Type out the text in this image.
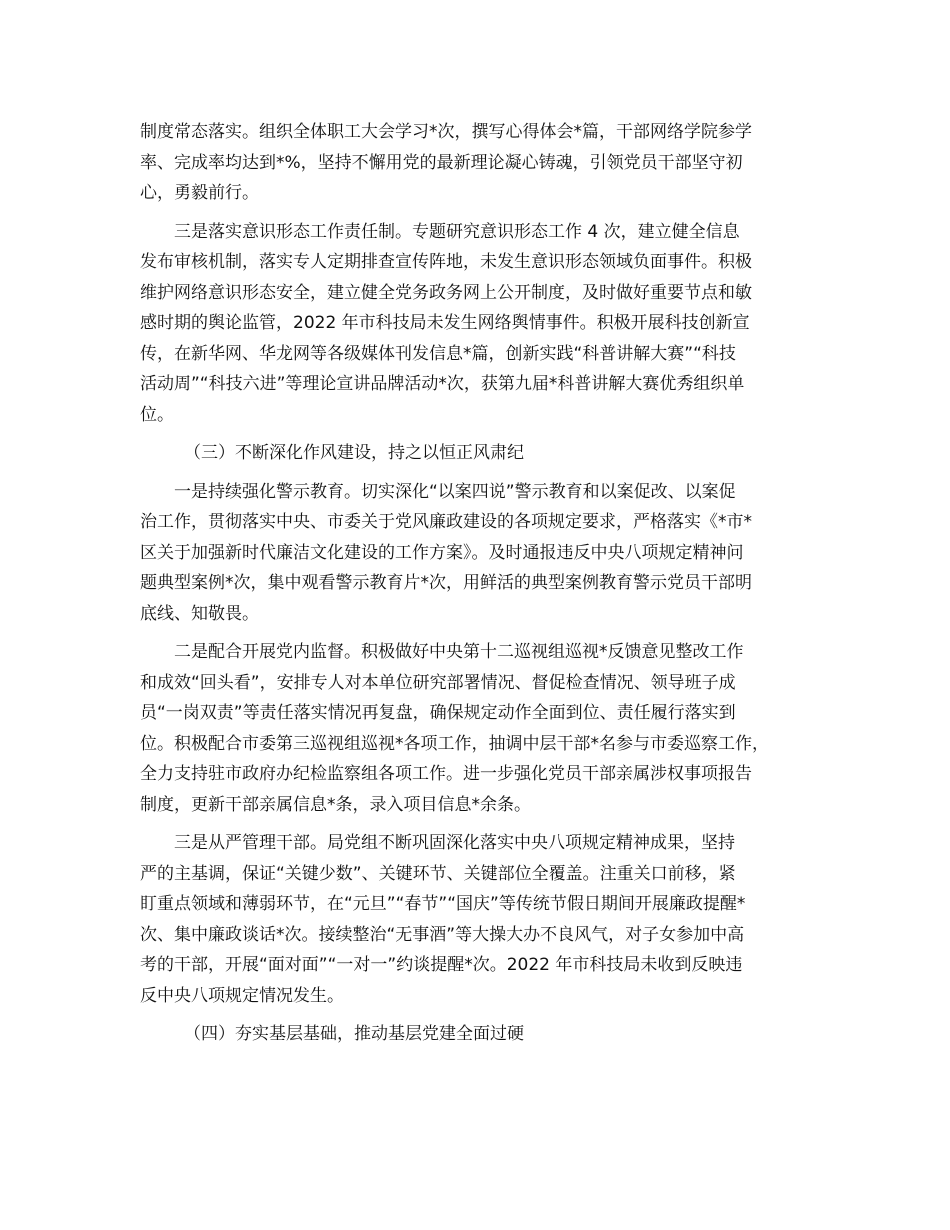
制度常态落实。组织全体职工大会学习*次，撰写心得体会*篇，干部网络学院参学
率、完成率均达到*%，坚持不懈用党的最新理论凝心铸魂，引领党员干部坚守初
心，勇毅前行。
三是落实意识形态工作责任制。专题研究意识形态工作 4 次，建立健全信息
发布审核机制，落实专人定期排查宣传阵地，未发生意识形态领域负面事件。积极
维护网络意识形态安全，建立健全党务政务网上公开制度，及时做好重要节点和敏
感时期的舆论监管，2022 年市科技局未发生网络舆情事件。积极开展科技创新宣
传，在新华网、华龙网等各级媒体刊发信息*篇，创新实践“科普讲解大赛”“科技
活动周”“科技六进”等理论宣讲品牌活动*次，获第九届*科普讲解大赛优秀组织单
位。
（三）不断深化作风建设，持之以恒正风肃纪
一是持续强化警示教育。切实深化“以案四说”警示教育和以案促改、以案促
治工作，贯彻落实中央、市委关于党风廉政建设的各项规定要求，严格落实《*市*
区关于加强新时代廉洁文化建设的工作方案》。及时通报违反中央八项规定精神问
题典型案例*次，集中观看警示教育片*次，用鲜活的典型案例教育警示党员干部明
底线、知敬畏。
二是配合开展党内监督。积极做好中央第十二巡视组巡视*反馈意见整改工作
和成效“回头看”，安排专人对本单位研究部署情况、督促检查情况、领导班子成
员“一岗双责”等责任落实情况再复盘，确保规定动作全面到位、责任履行落实到
位。积极配合市委第三巡视组巡视*各项工作，抽调中层干部*名参与市委巡察工作，
全力支持驻市政府办纪检监察组各项工作。进一步强化党员干部亲属涉权事项报告
制度，更新干部亲属信息*条，录入项目信息*余条。
三是从严管理干部。局党组不断巩固深化落实中央八项规定精神成果，坚持
严的主基调，保证“关键少数”、关键环节、关键部位全覆盖。注重关口前移，紧
盯重点领域和薄弱环节，在“元旦”“春节”“国庆”等传统节假日期间开展廉政提醒*
次、集中廉政谈话*次。接续整治“无事酒”等大操大办不良风气，对子女参加中高
考的干部，开展“面对面”“一对一”约谈提醒*次。2022 年市科技局未收到反映违
反中央八项规定情况发生。
（四）夯实基层基础，推动基层党建全面过硬
